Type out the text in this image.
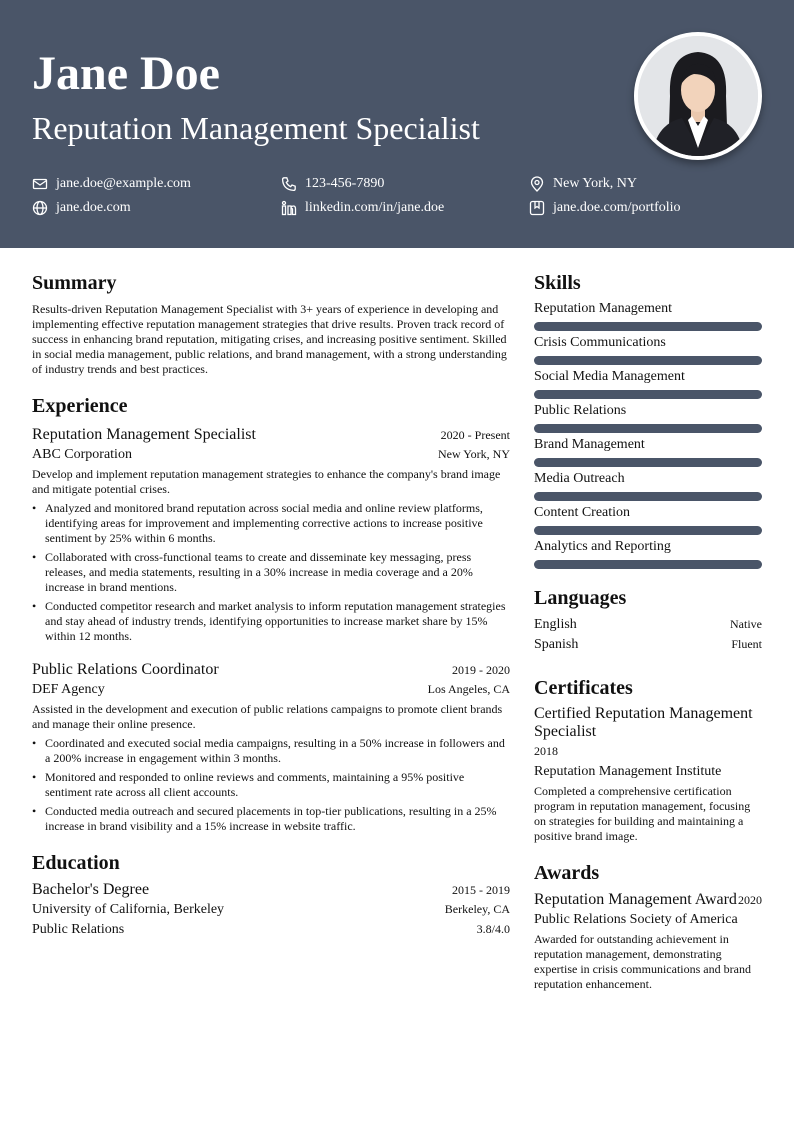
Jane Doe
Reputation Management Specialist
jane.doe@example.com	123-456-7890	New York, NY
jane.doe.com	linkedin.com/in/jane.doe	jane.doe.com/portfolio
Summary

Results-driven Reputation Management Specialist with 3+ years of experience in developing and implementing effective reputation management strategies that drive results. Proven track record of success in enhancing brand reputation, mitigating crises, and increasing positive sentiment. Skilled in social media management, public relations, and brand management, with a strong understanding of industry trends and best practices.

Experience
Reputation Management Specialist	2020 - Present
ABC Corporation	New York, NY

Develop and implement reputation management strategies to enhance the company's brand image and mitigate potential crises.

• Analyzed and monitored brand reputation across social media and online review platforms, identifying areas for improvement and implementing corrective actions to increase positive sentiment by 25% within 6 months.
• Collaborated with cross-functional teams to create and disseminate key messaging, press releases, and media statements, resulting in a 30% increase in media coverage and a 20% increase in brand mentions.
• Conducted competitor research and market analysis to inform reputation management strategies and stay ahead of industry trends, identifying opportunities to increase market share by 15% within 12 months.
Public Relations Coordinator	2019 - 2020
DEF Agency	Los Angeles, CA

Assisted in the development and execution of public relations campaigns to promote client brands and manage their online presence.

• Coordinated and executed social media campaigns, resulting in a 50% increase in followers and a 200% increase in engagement within 3 months.
• Monitored and responded to online reviews and comments, maintaining a 95% positive sentiment rate across all client accounts.
• Conducted media outreach and secured placements in top-tier publications, resulting in a 25% increase in brand visibility and a 15% increase in website traffic.
Education
Bachelor's Degree	2015 - 2019
University of California, Berkeley	Berkeley, CA
Public Relations	3.8/4.0
Skills
Reputation Management
Crisis Communications
Social Media Management
Public Relations
Brand Management
Media Outreach
Content Creation
Analytics and Reporting
Languages
English	Native
Spanish	Fluent
Certificates
Certified Reputation Management Specialist
2018
Reputation Management Institute

Completed a comprehensive certification program in reputation management, focusing on strategies for building and maintaining a positive brand image.

Awards
Reputation Management Award 2020
Public Relations Society of America

Awarded for outstanding achievement in reputation management, demonstrating expertise in crisis communications and brand reputation enhancement.
